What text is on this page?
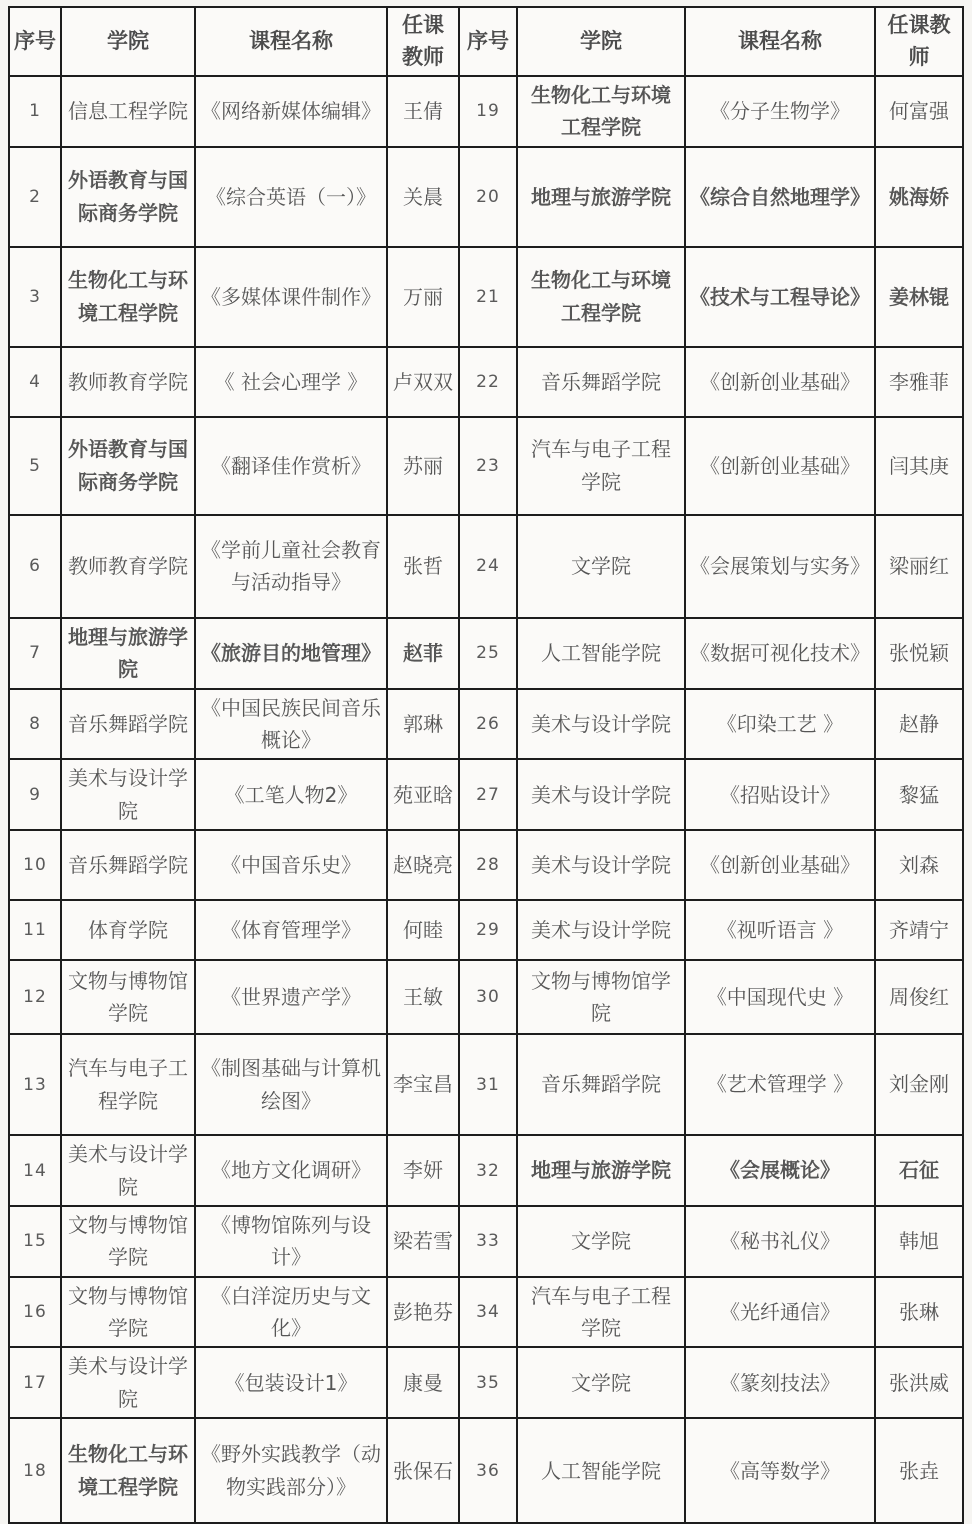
序号	学院	课程名称	任课教师	序号	学院	课程名称	任课教师
1	信息工程学院	《网络新媒体编辑》	王倩	19	生物化工与环境工程学院	《分子生物学》	何富强
2	外语教育与国际商务学院	《综合英语（一）》	关晨	20	地理与旅游学院	《综合自然地理学》	姚海娇
3	生物化工与环境工程学院	《多媒体课件制作》	万丽	21	生物化工与环境工程学院	《技术与工程导论》	姜林锟
4	教师教育学院	《 社会心理学 》	卢双双	22	音乐舞蹈学院	《创新创业基础》	李雅菲
5	外语教育与国际商务学院	《翻译佳作赏析》	苏丽	23	汽车与电子工程学院	《创新创业基础》	闫其庚
6	教师教育学院	《学前儿童社会教育与活动指导》	张哲	24	文学院	《会展策划与实务》	梁丽红
7	地理与旅游学院	《旅游目的地管理》	赵菲	25	人工智能学院	《数据可视化技术》	张悦颖
8	音乐舞蹈学院	《中国民族民间音乐概论》	郭琳	26	美术与设计学院	《印染工艺 》	赵静
9	美术与设计学院	《工笔人物2》	苑亚晗	27	美术与设计学院	《招贴设计》	黎猛
10	音乐舞蹈学院	《中国音乐史》	赵晓亮	28	美术与设计学院	《创新创业基础》	刘森
11	体育学院	《体育管理学》	何睦	29	美术与设计学院	《视听语言 》	齐靖宁
12	文物与博物馆学院	《世界遗产学》	王敏	30	文物与博物馆学院	《中国现代史 》	周俊红
13	汽车与电子工程学院	《制图基础与计算机绘图》	李宝昌	31	音乐舞蹈学院	《艺术管理学 》	刘金刚
14	美术与设计学院	《地方文化调研》	李妍	32	地理与旅游学院	《会展概论》	石征
15	文物与博物馆学院	《博物馆陈列与设计》	梁若雪	33	文学院	《秘书礼仪》	韩旭
16	文物与博物馆学院	《白洋淀历史与文化》	彭艳芬	34	汽车与电子工程学院	《光纤通信》	张琳
17	美术与设计学院	《包装设计1》	康曼	35	文学院	《篆刻技法》	张洪威
18	生物化工与环境工程学院	《野外实践教学（动物实践部分）》	张保石	36	人工智能学院	《高等数学》	张垚
